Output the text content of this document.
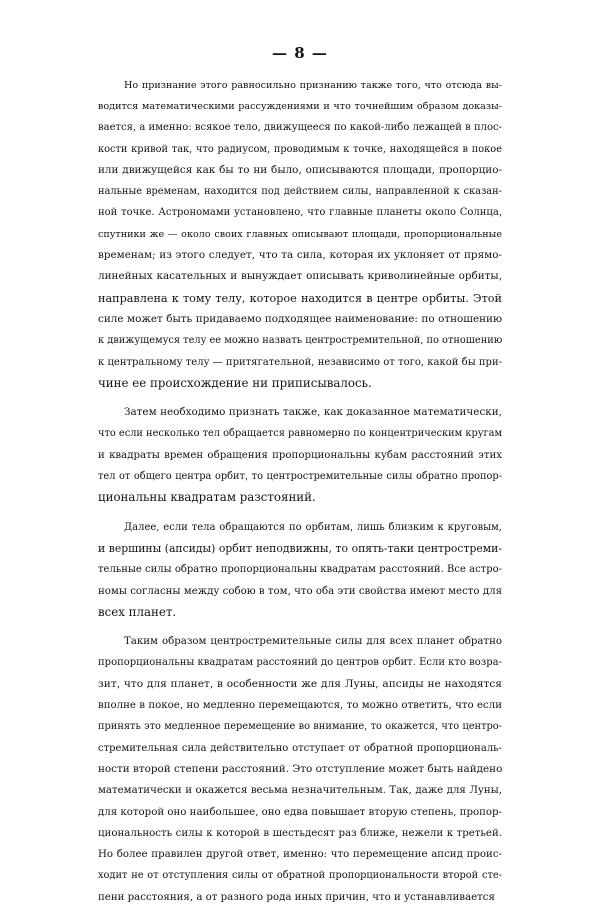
— 8 —
Но признание этого равносильно признанию также того, что отсюда вы-
водится математическими рассуждениями и что точнейшим образом доказы-
вается, а именно: всякое тело, движущееся по какой-либо лежащей в плос-
кости кривой так, что радиусом, проводимым к точке, находящейся в покое
или движущейся как бы то ни было, описываются площади, пропорцио-
нальные временам, находится под действием силы, направленной к сказан-
ной точке. Астрономами установлено, что главные планеты около Солнца,
спутники же — около своих главных описывают площади, пропорциональные
временам; из этого следует, что та сила, которая их уклоняет от прямо-
линейных касательных и вынуждает описывать криволинейные орбиты,
направлена к тому телу, которое находится в центре орбиты. Этой
силе может быть придаваемо подходящее наименование: по отношению
к движущемуся телу ее можно назвать центростремительной, по отношению
к центральному телу — притягательной, независимо от того, какой бы при-
чине ее происхождение ни приписывалось.
Затем необходимо признать также, как доказанное математически,
что если несколько тел обращается равномерно по концентрическим кругам
и квадраты времен обращения пропорциональны кубам расстояний этих
тел от общего центра орбит, то центростремительные силы обратно пропор-
циональны квадратам разстояний.
Далее, если тела обращаются по орбитам, лишь близким к круговым,
и вершины (апсиды) орбит неподвижны, то опять-таки центростреми-
тельные силы обратно пропорциональны квадратам расстояний. Все астро-
номы согласны между собою в том, что оба эти свойства имеют место для
всех планет.
Таким образом центростремительные силы для всех планет обратно
пропорциональны квадратам расстояний до центров орбит. Если кто возра-
зит, что для планет, в особенности же для Луны, апсиды не находятся
вполне в покое, но медленно перемещаются, то можно ответить, что если
принять это медленное перемещение во внимание, то окажется, что центро-
стремительная сила действительно отступает от обратной пропорциональ-
ности второй степени расстояний. Это отступление может быть найдено
математически и окажется весьма незначительным. Так, даже для Луны,
для которой оно наибольшее, оно едва повышает вторую степень, пропор-
циональность силы к которой в шестьдесят раз ближе, нежели к третьей.
Но более правилен другой ответ, именно: что перемещение апсид проис-
ходит не от отступления силы от обратной пропорциональности второй сте-
пени расстояния, а от разного рода иных причин, что и устанавливается
